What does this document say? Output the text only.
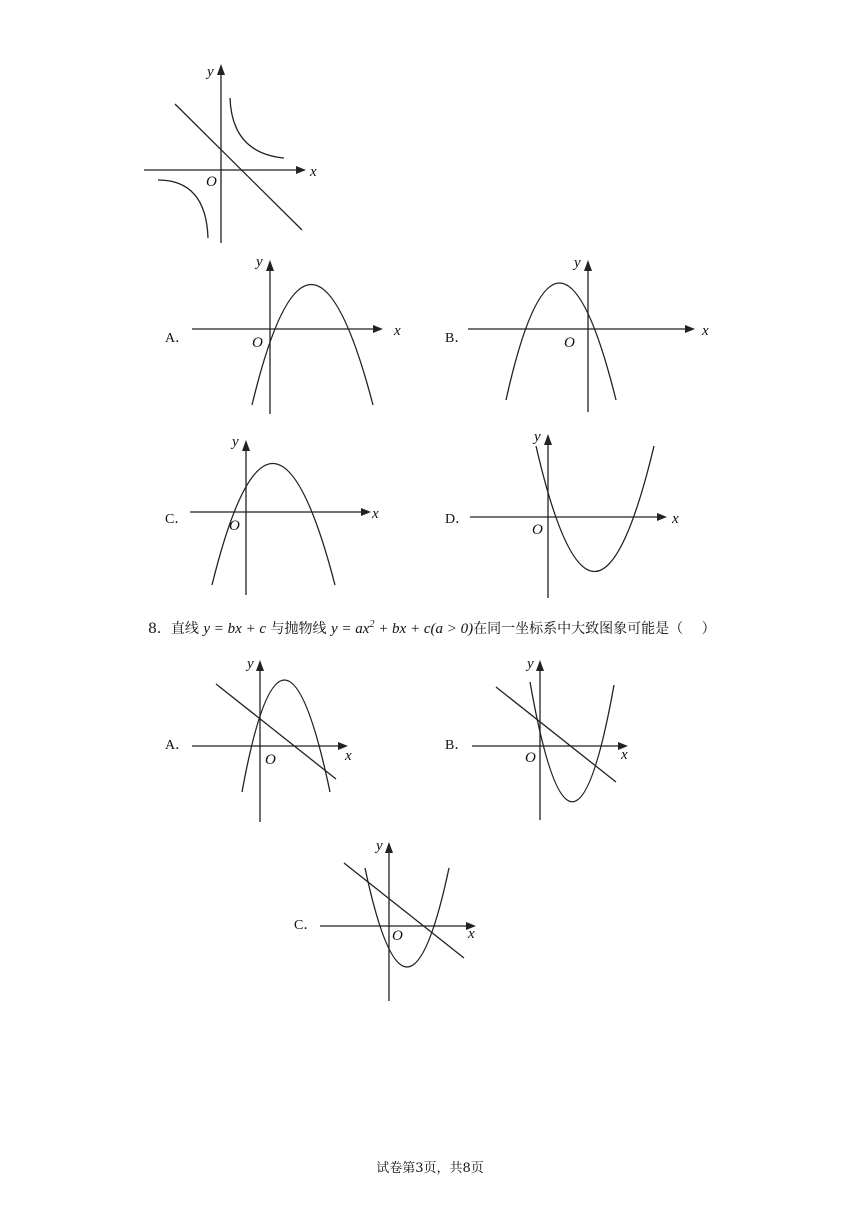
x
y
O
A．	x
y
O	B．	x
y
O
C．	x
y
O	D．	x
y
O
8．直线 y = bx + c 与抛物线 $y = ax^2$ + bx + c(a > 0)在同一坐标系中大致图象可能是（　 ）
A．
x
y
O
B．
x
y
O
C．
x
y
O
试卷第3页，共8页
